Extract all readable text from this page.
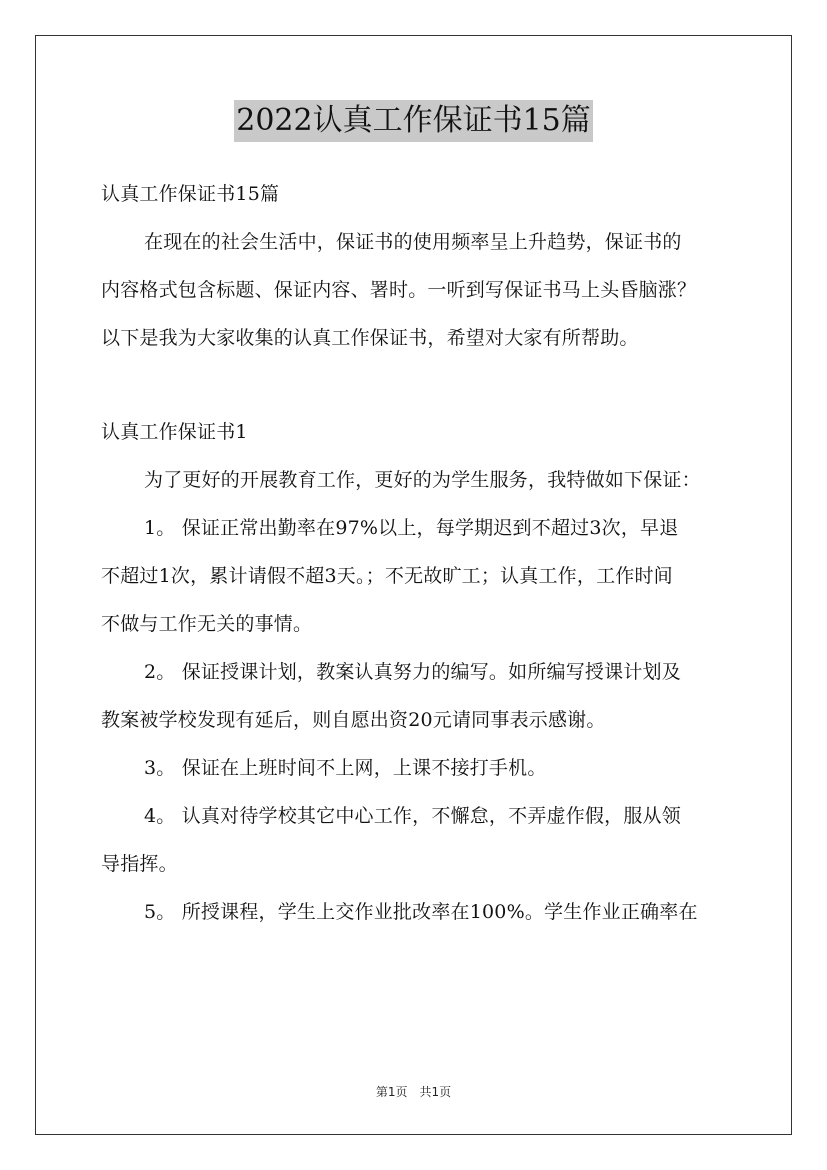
2022认真工作保证书15篇

认真工作保证书15篇

在现在的社会生活中，保证书的使用频率呈上升趋势，保证书的

内容格式包含标题、保证内容、署时。一听到写保证书马上头昏脑涨？

以下是我为大家收集的认真工作保证书，希望对大家有所帮助。

认真工作保证书1

为了更好的开展教育工作，更好的为学生服务，我特做如下保证：

1。 保证正常出勤率在97%以上，每学期迟到不超过3次，早退

不超过1次，累计请假不超3天。；不无故旷工；认真工作，工作时间

不做与工作无关的事情。

2。 保证授课计划，教案认真努力的编写。如所编写授课计划及

教案被学校发现有延后，则自愿出资20元请同事表示感谢。

3。 保证在上班时间不上网，上课不接打手机。

4。 认真对待学校其它中心工作，不懈怠，不弄虚作假，服从领

导指挥。

5。 所授课程，学生上交作业批改率在100%。学生作业正确率在

第1页　共1页
